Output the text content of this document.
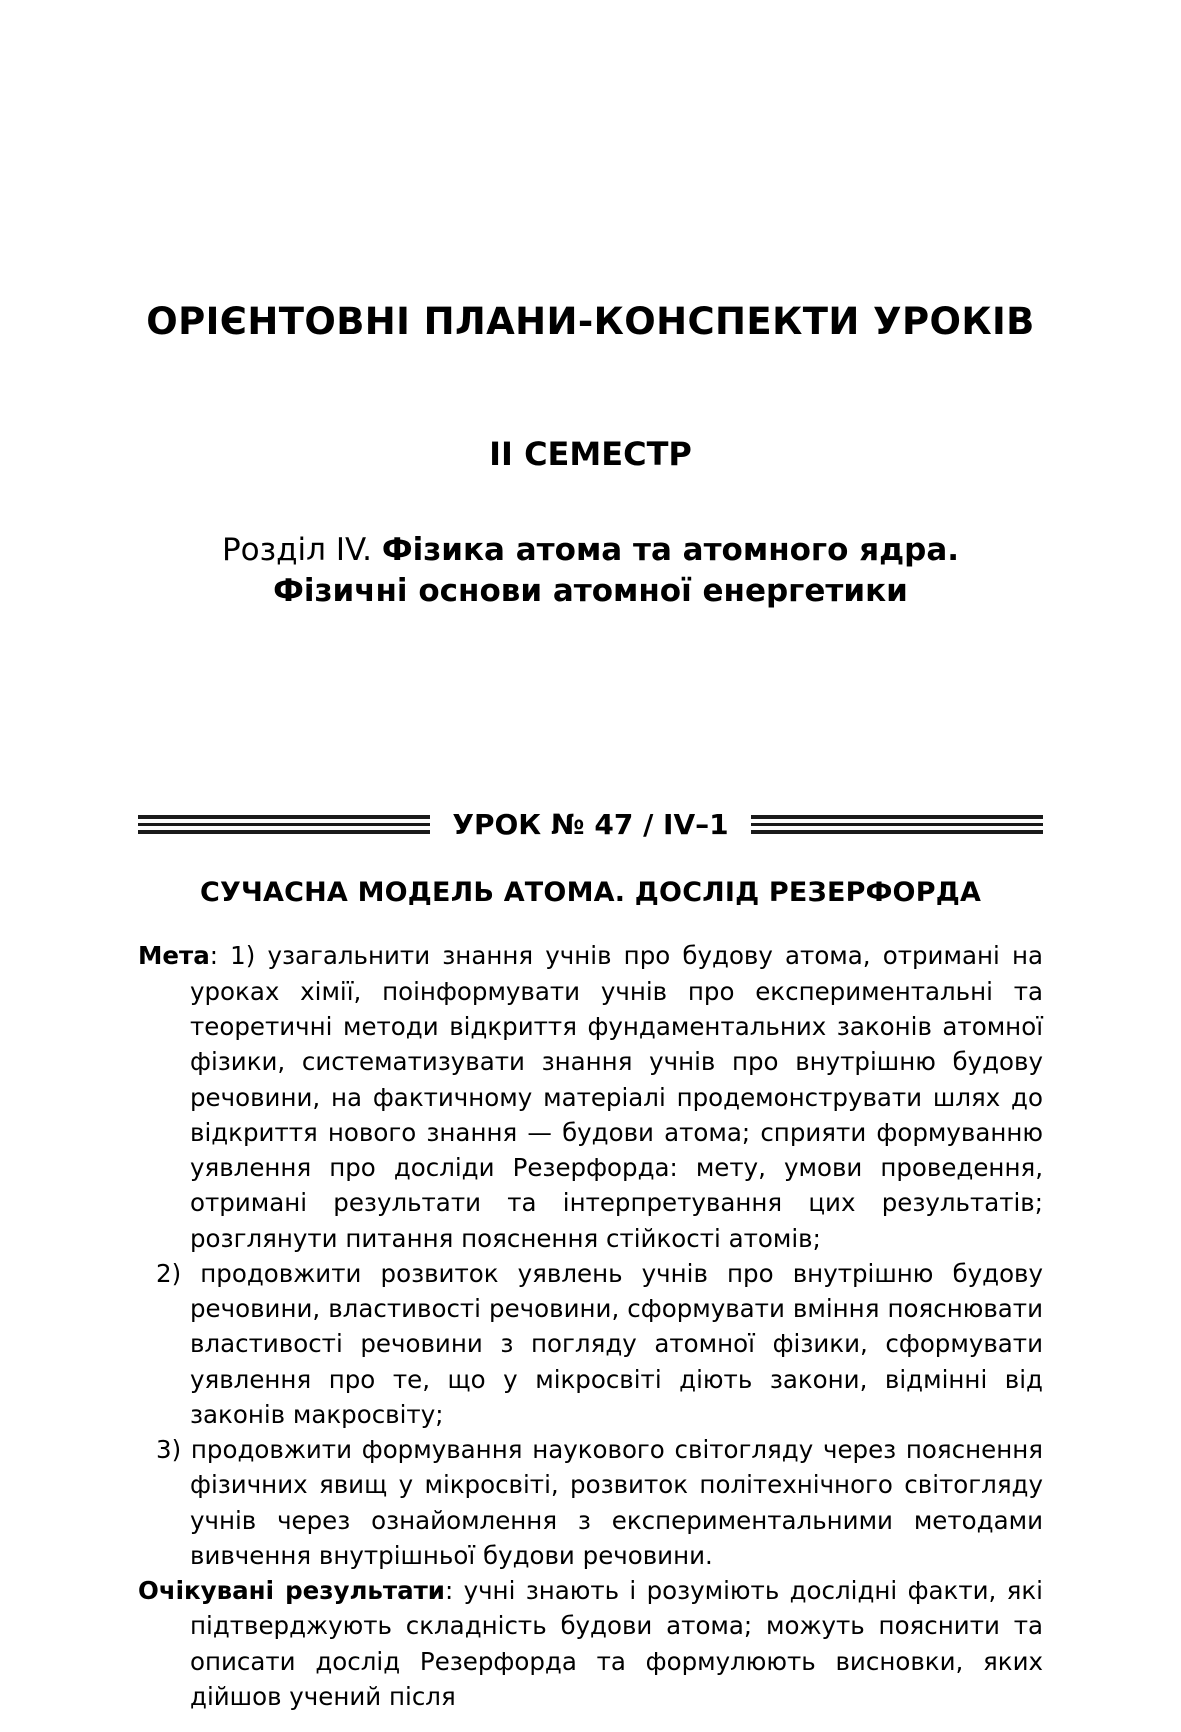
ОРІЄНТОВНІ ПЛАНИ-КОНСПЕКТИ УРОКІВ
II СЕМЕСТР
Розділ IV. Фізика атома та атомного ядра.
Фізичні основи атомної енергетики
УРОК № 47 / IV–1
СУЧАСНА МОДЕЛЬ АТОМА. ДОСЛІД РЕЗЕРФОРДА

Мета: 1) узагальнити знання учнів про будову атома, отримані на уроках хімії, поінформувати учнів про експериментальні та теоретичні методи відкриття фундаментальних законів атомної фізики, систематизувати знання учнів про внутрішню будову речовини, на фактичному матеріалі продемонструвати шлях до відкриття нового знання — будови атома; сприяти формуванню уявлення про досліди Резерфорда: мету, умови проведення, отримані результати та інтерпретування цих результатів; розглянути питання пояснення стійкості атомів;

2) продовжити розвиток уявлень учнів про внутрішню будову речовини, властивості речовини, сформувати вміння пояснювати властивості речовини з погляду атомної фізики, сформувати уявлення про те, що у мікросвіті діють закони, відмінні від законів макросвіту;

3) продовжити формування наукового світогляду через пояснення фізичних явищ у мікросвіті, розвиток політехнічного світогляду учнів через ознайомлення з експериментальними методами вивчення внутрішньої будови речовини.

Очікувані результати: учні знають і розуміють дослідні факти, які підтверджують складність будови атома; можуть пояснити та описати дослід Резерфорда та формулюють висновки, яких дійшов учений після
